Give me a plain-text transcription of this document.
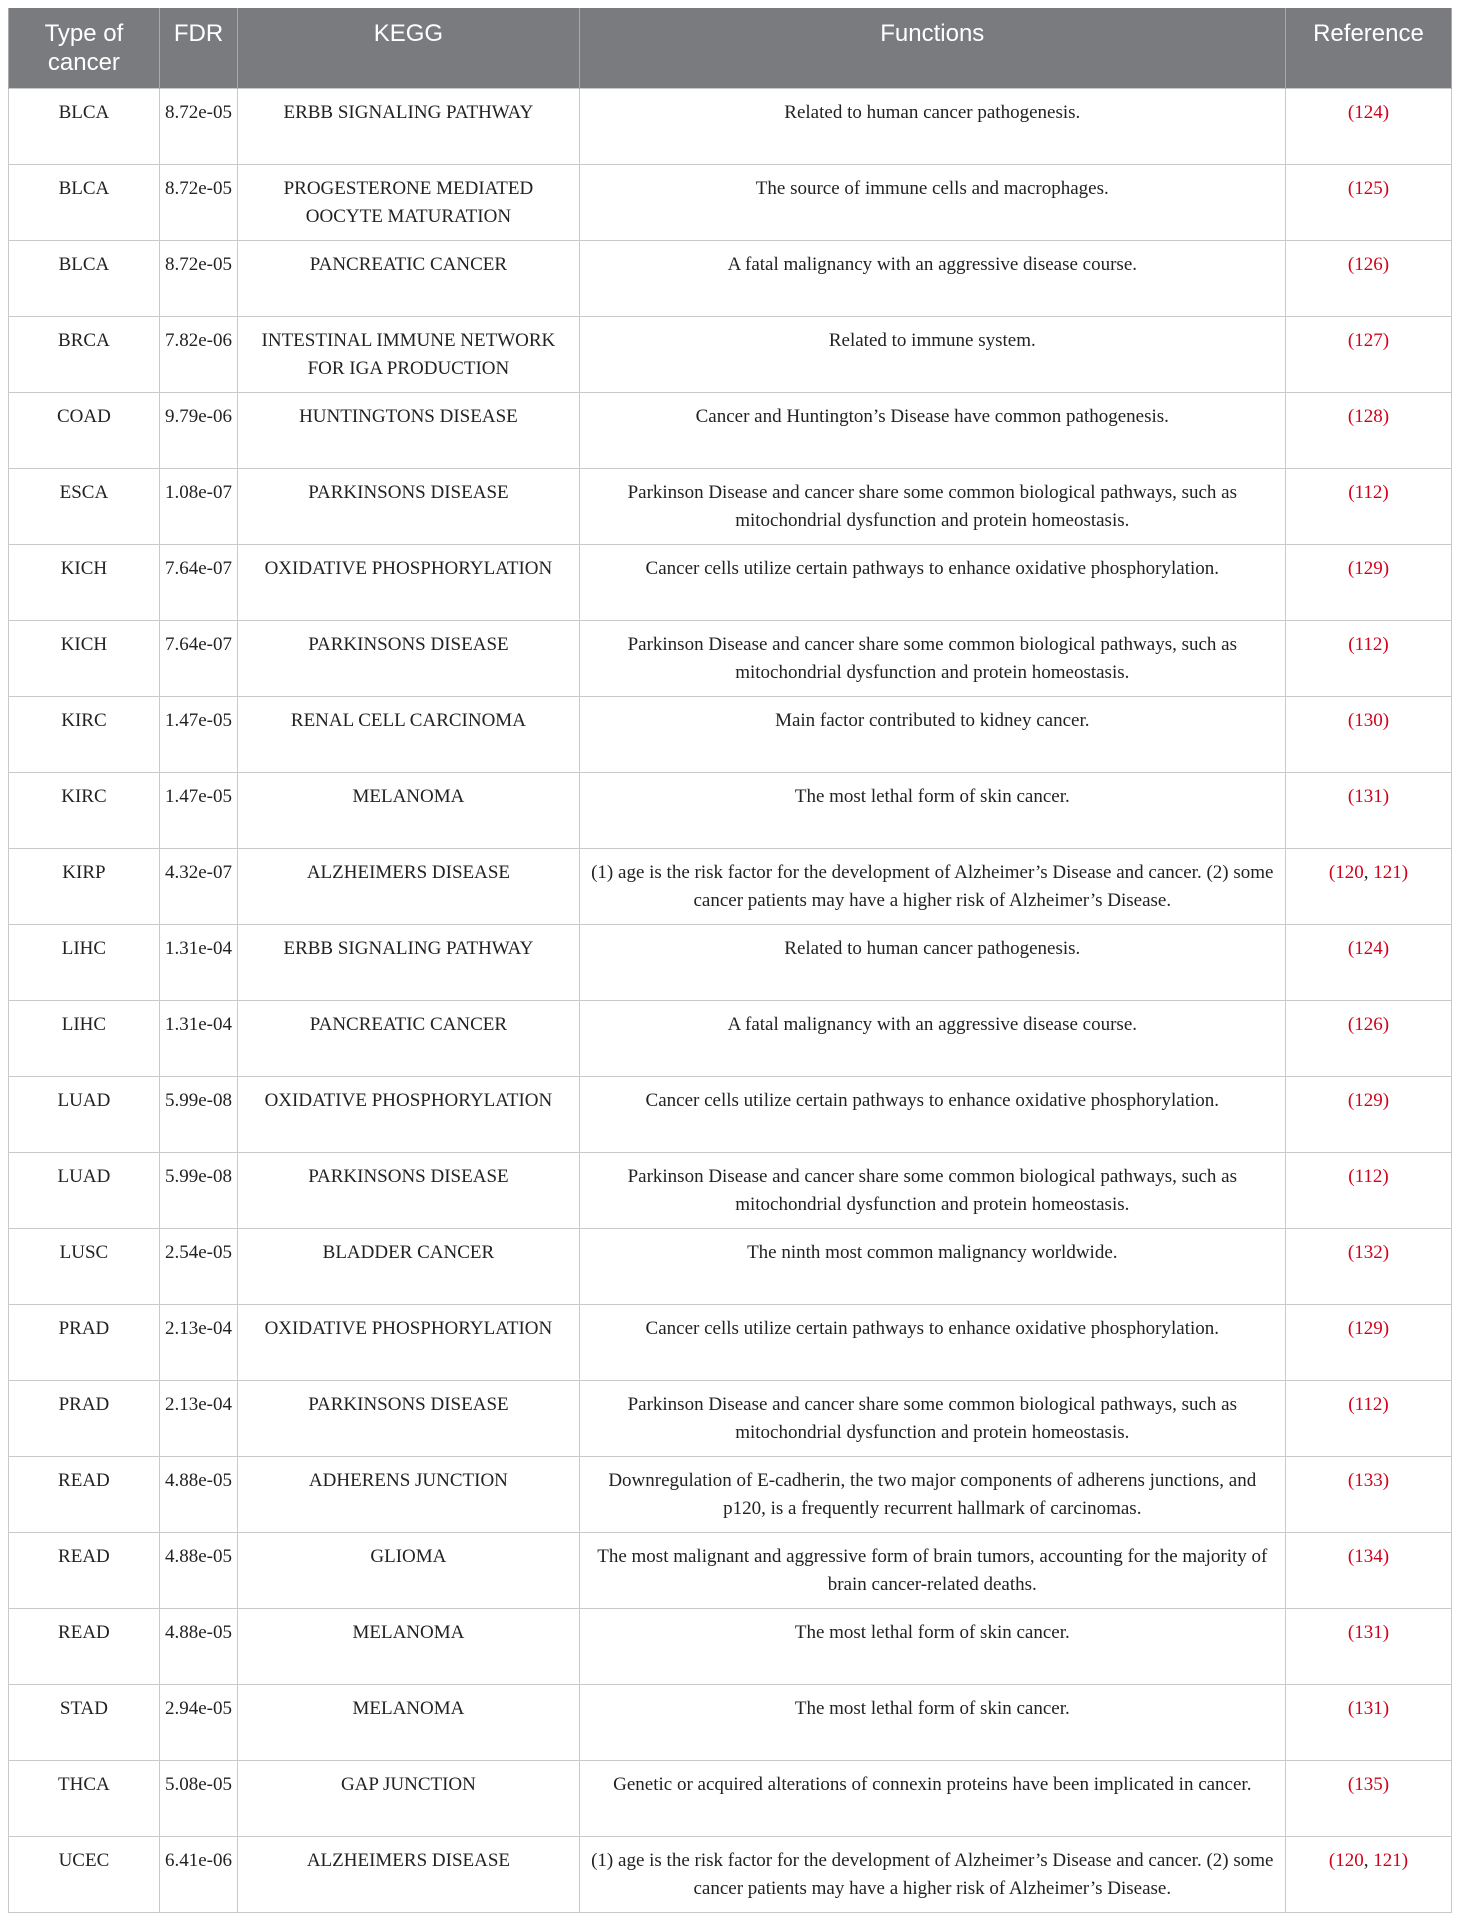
Type of cancer	FDR	KEGG	Functions	Reference
BLCA	8.72e-05	ERBB SIGNALING PATHWAY	Related to human cancer pathogenesis.	(124)
BLCA	8.72e-05	PROGESTERONE MEDIATED OOCYTE MATURATION	The source of immune cells and macrophages.	(125)
BLCA	8.72e-05	PANCREATIC CANCER	A fatal malignancy with an aggressive disease course.	(126)
BRCA	7.82e-06	INTESTINAL IMMUNE NETWORK FOR IGA PRODUCTION	Related to immune system.	(127)
COAD	9.79e-06	HUNTINGTONS DISEASE	Cancer and Huntington’s Disease have common pathogenesis.	(128)
ESCA	1.08e-07	PARKINSONS DISEASE	Parkinson Disease and cancer share some common biological pathways, such as mitochondrial dysfunction and protein homeostasis.	(112)
KICH	7.64e-07	OXIDATIVE PHOSPHORYLATION	Cancer cells utilize certain pathways to enhance oxidative phosphorylation.	(129)
KICH	7.64e-07	PARKINSONS DISEASE	Parkinson Disease and cancer share some common biological pathways, such as mitochondrial dysfunction and protein homeostasis.	(112)
KIRC	1.47e-05	RENAL CELL CARCINOMA	Main factor contributed to kidney cancer.	(130)
KIRC	1.47e-05	MELANOMA	The most lethal form of skin cancer.	(131)
KIRP	4.32e-07	ALZHEIMERS DISEASE	(1) age is the risk factor for the development of Alzheimer’s Disease and cancer. (2) some cancer patients may have a higher risk of Alzheimer’s Disease.	(120, 121)
LIHC	1.31e-04	ERBB SIGNALING PATHWAY	Related to human cancer pathogenesis.	(124)
LIHC	1.31e-04	PANCREATIC CANCER	A fatal malignancy with an aggressive disease course.	(126)
LUAD	5.99e-08	OXIDATIVE PHOSPHORYLATION	Cancer cells utilize certain pathways to enhance oxidative phosphorylation.	(129)
LUAD	5.99e-08	PARKINSONS DISEASE	Parkinson Disease and cancer share some common biological pathways, such as mitochondrial dysfunction and protein homeostasis.	(112)
LUSC	2.54e-05	BLADDER CANCER	The ninth most common malignancy worldwide.	(132)
PRAD	2.13e-04	OXIDATIVE PHOSPHORYLATION	Cancer cells utilize certain pathways to enhance oxidative phosphorylation.	(129)
PRAD	2.13e-04	PARKINSONS DISEASE	Parkinson Disease and cancer share some common biological pathways, such as mitochondrial dysfunction and protein homeostasis.	(112)
READ	4.88e-05	ADHERENS JUNCTION	Downregulation of E-cadherin, the two major components of adherens junctions, and p120, is a frequently recurrent hallmark of carcinomas.	(133)
READ	4.88e-05	GLIOMA	The most malignant and aggressive form of brain tumors, accounting for the majority of brain cancer-related deaths.	(134)
READ	4.88e-05	MELANOMA	The most lethal form of skin cancer.	(131)
STAD	2.94e-05	MELANOMA	The most lethal form of skin cancer.	(131)
THCA	5.08e-05	GAP JUNCTION	Genetic or acquired alterations of connexin proteins have been implicated in cancer.	(135)
UCEC	6.41e-06	ALZHEIMERS DISEASE	(1) age is the risk factor for the development of Alzheimer’s Disease and cancer. (2) some cancer patients may have a higher risk of Alzheimer’s Disease.	(120, 121)
